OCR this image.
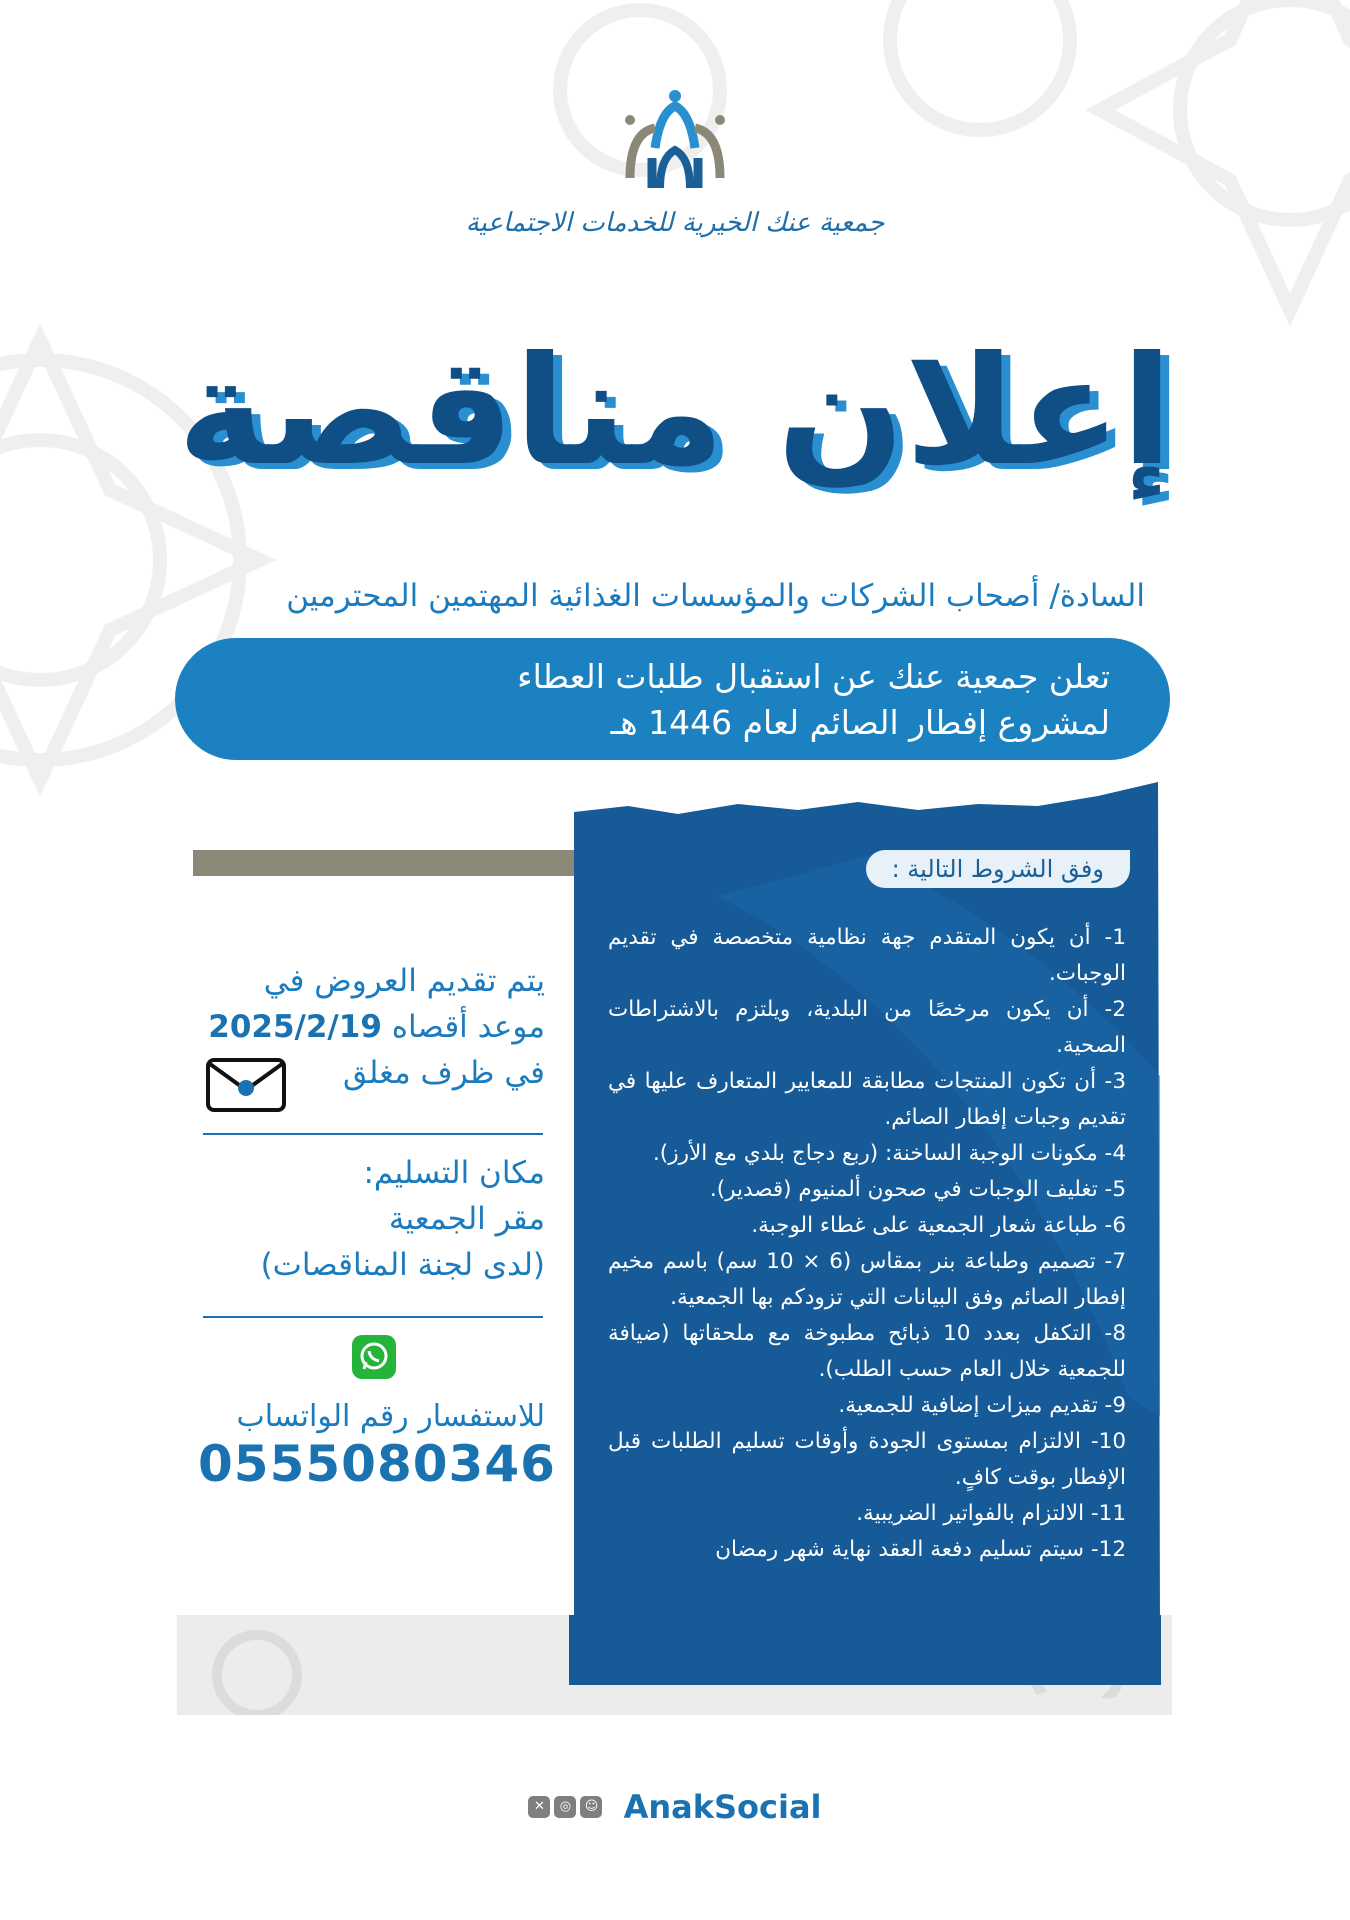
جمعية عنك الخيرية للخدمات الاجتماعية
إعلان مناقصة
السادة/ أصحاب الشركات والمؤسسات الغذائية المهتمين المحترمين
تعلن جمعية عنك عن استقبال طلبات العطاء
لمشروع إفطار الصائم لعام 1446 هـ
وفق الشروط التالية :
1- أن يكون المتقدم جهة نظامية متخصصة في تقديم الوجبات.
2- أن يكون مرخصًا من البلدية، ويلتزم بالاشتراطات الصحية.
3- أن تكون المنتجات مطابقة للمعايير المتعارف عليها في تقديم وجبات إفطار الصائم.
4- مكونات الوجبة الساخنة: (ربع دجاج بلدي مع الأرز).
5- تغليف الوجبات في صحون ألمنيوم (قصدير).
6- طباعة شعار الجمعية على غطاء الوجبة.
7- تصميم وطباعة بنر بمقاس (6 × 10 سم) باسم مخيم إفطار الصائم وفق البيانات التي تزودكم بها الجمعية.
8- التكفل بعدد 10 ذبائح مطبوخة مع ملحقاتها (ضيافة للجمعية خلال العام حسب الطلب).
9- تقديم ميزات إضافية للجمعية.
10- الالتزام بمستوى الجودة وأوقات تسليم الطلبات قبل الإفطار بوقت كافٍ.
11- الالتزام بالفواتير الضريبية.
12- سيتم تسليم دفعة العقد نهاية شهر رمضان
يتم تقديم العروض في
موعد أقصاه 2025/2/19
في ظرف مغلق
مكان التسليم:
مقر الجمعية
(لدى لجنة المناقصات)
للاستفسار رقم الواتساب
0555080346
✕ ◎ ☺ AnakSocial
